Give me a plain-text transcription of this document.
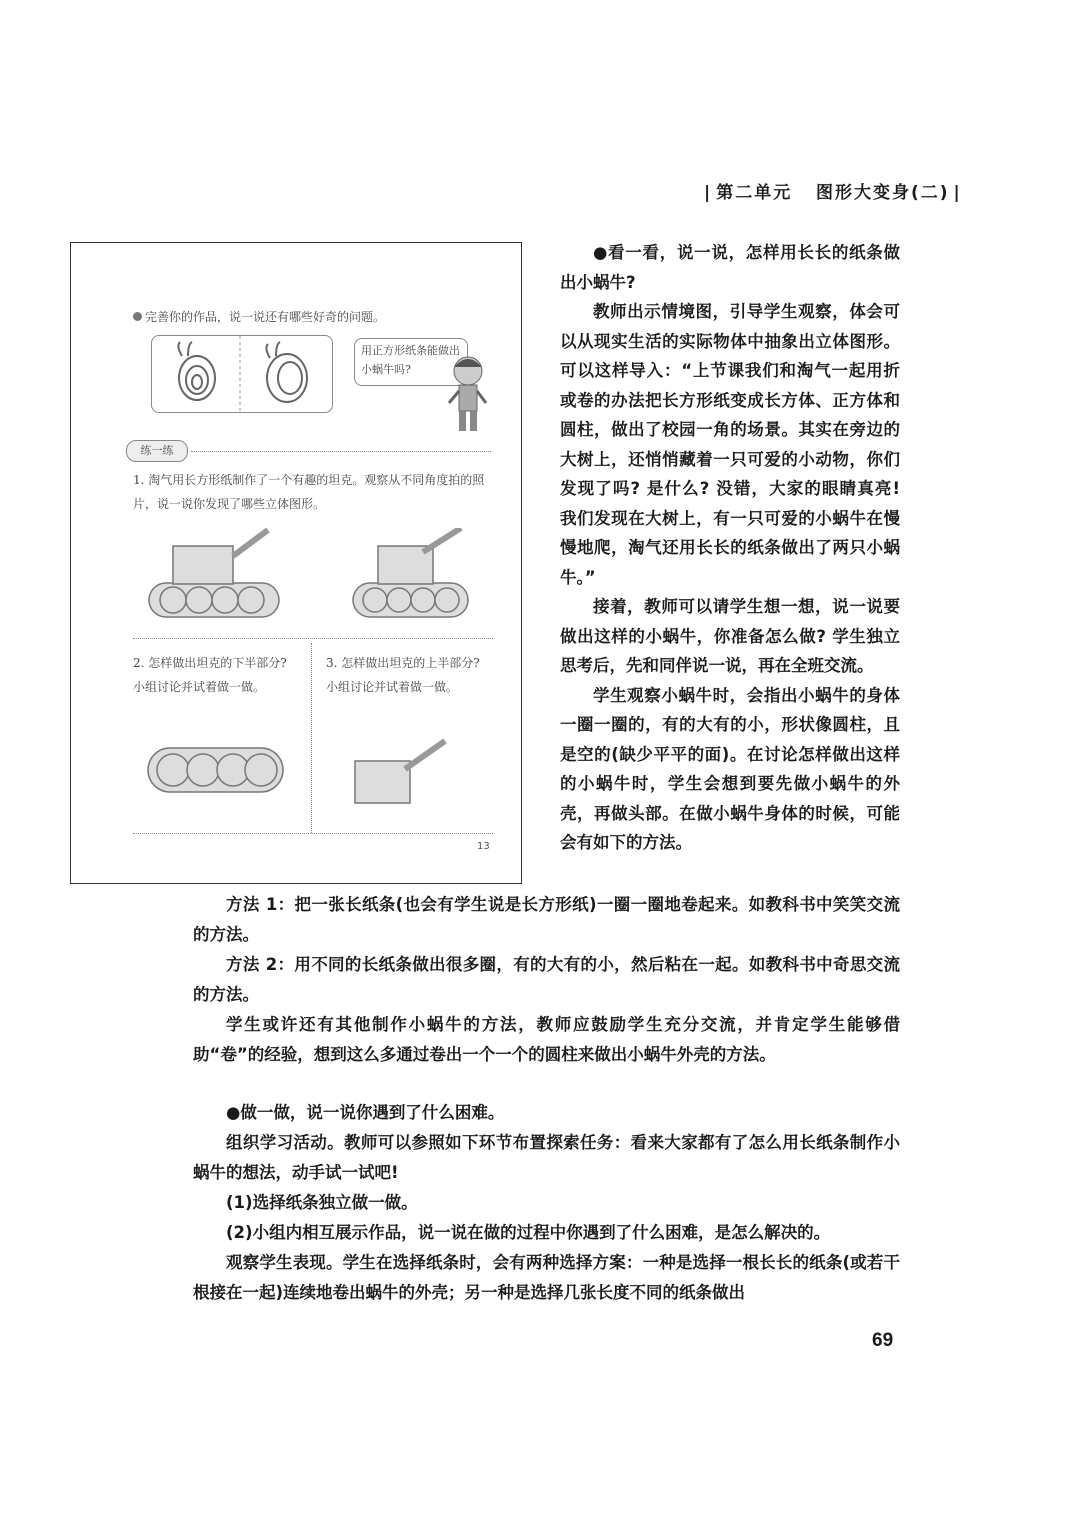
| 第二单元 图形大变身(二) |
完善你的作品，说一说还有哪些好奇的问题。
用正方形纸条能做出小蜗牛吗?
练一练
1. 淘气用长方形纸制作了一个有趣的坦克。观察从不同角度拍的照片，说一说你发现了哪些立体图形。
2. 怎样做出坦克的下半部分? 小组讨论并试着做一做。
3. 怎样做出坦克的上半部分? 小组讨论并试着做一做。
13

●看一看，说一说，怎样用长长的纸条做出小蜗牛?

教师出示情境图，引导学生观察，体会可以从现实生活的实际物体中抽象出立体图形。可以这样导入：“上节课我们和淘气一起用折或卷的办法把长方形纸变成长方体、正方体和圆柱，做出了校园一角的场景。其实在旁边的大树上，还悄悄藏着一只可爱的小动物，你们发现了吗? 是什么? 没错，大家的眼睛真亮! 我们发现在大树上，有一只可爱的小蜗牛在慢慢地爬，淘气还用长长的纸条做出了两只小蜗牛。”

接着，教师可以请学生想一想，说一说要做出这样的小蜗牛，你准备怎么做? 学生独立思考后，先和同伴说一说，再在全班交流。

学生观察小蜗牛时，会指出小蜗牛的身体一圈一圈的，有的大有的小，形状像圆柱，且是空的(缺少平平的面)。在讨论怎样做出这样的小蜗牛时，学生会想到要先做小蜗牛的外壳，再做头部。在做小蜗牛身体的时候，可能会有如下的方法。

方法 1：把一张长纸条(也会有学生说是长方形纸)一圈一圈地卷起来。如教科书中笑笑交流的方法。

方法 2：用不同的长纸条做出很多圈，有的大有的小，然后粘在一起。如教科书中奇思交流的方法。

学生或许还有其他制作小蜗牛的方法，教师应鼓励学生充分交流，并肯定学生能够借助“卷”的经验，想到这么多通过卷出一个一个的圆柱来做出小蜗牛外壳的方法。

●做一做，说一说你遇到了什么困难。

组织学习活动。教师可以参照如下环节布置探索任务：看来大家都有了怎么用长纸条制作小蜗牛的想法，动手试一试吧!

(1)选择纸条独立做一做。

(2)小组内相互展示作品，说一说在做的过程中你遇到了什么困难，是怎么解决的。

观察学生表现。学生在选择纸条时，会有两种选择方案：一种是选择一根长长的纸条(或若干根接在一起)连续地卷出蜗牛的外壳；另一种是选择几张长度不同的纸条做出

69
